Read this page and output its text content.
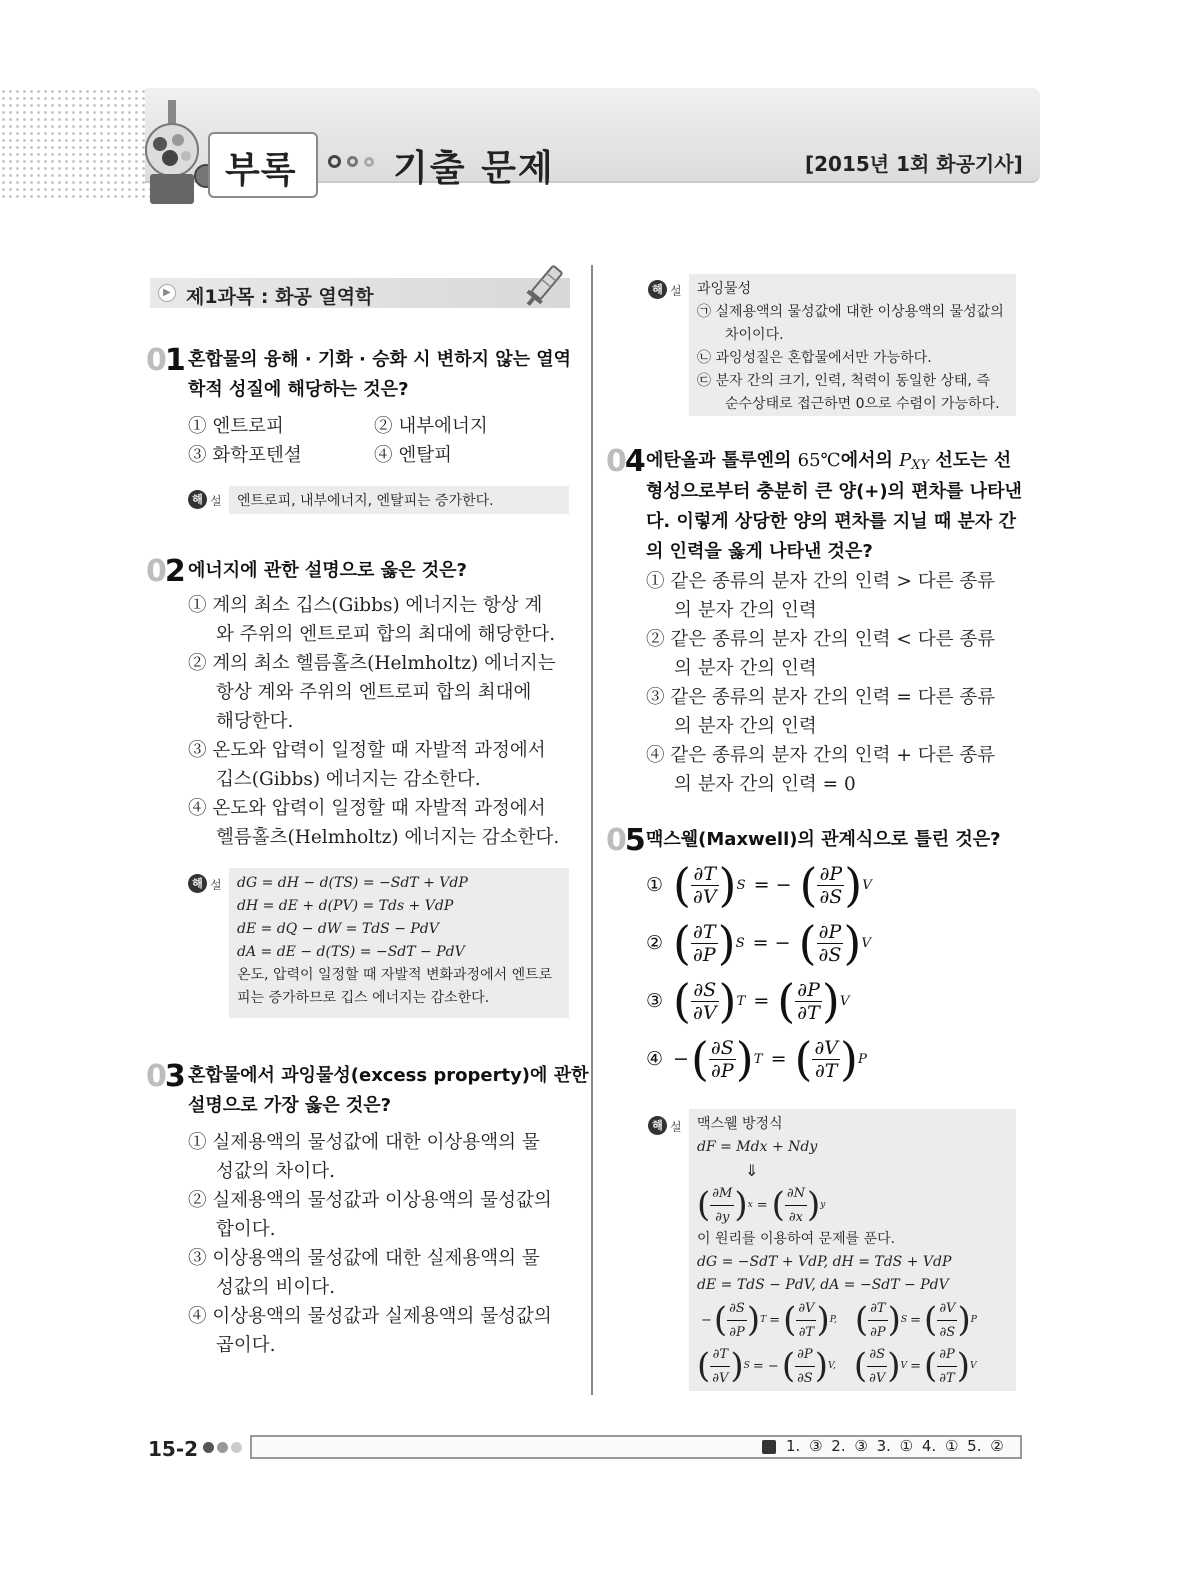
부록	기출 문제	[2015년 1회 화공기사]
▶ 제1과목 : 화공 열역학
01 혼합물의 융해 · 기화 · 승화 시 변하지 않는 열역
학적 성질에 해당하는 것은?
① 엔트로피	② 내부에너지
③ 화학포텐셜	④ 엔탈피
해 설	엔트로피, 내부에너지, 엔탈피는 증가한다.
02 에너지에 관한 설명으로 옳은 것은?
① 계의 최소 깁스(Gibbs) 에너지는 항상 계
와 주위의 엔트로피 합의 최대에 해당한다.
② 계의 최소 헬름홀츠(Helmholtz) 에너지는
항상 계와 주위의 엔트로피 합의 최대에
해당한다.
③ 온도와 압력이 일정할 때 자발적 과정에서
깁스(Gibbs) 에너지는 감소한다.
④ 온도와 압력이 일정할 때 자발적 과정에서
헬름홀츠(Helmholtz) 에너지는 감소한다.
해 설 dG = dH − d(TS) = −SdT + VdP
dH = dE + d(PV) = Tds + VdP
dE = dQ − dW = TdS − PdV
dA = dE − d(TS) = −SdT − PdV
온도, 압력이 일정할 때 자발적 변화과정에서 엔트로
피는 증가하므로 깁스 에너지는 감소한다.
03 혼합물에서 과잉물성(excess property)에 관한
설명으로 가장 옳은 것은?
① 실제용액의 물성값에 대한 이상용액의 물
성값의 차이다.
② 실제용액의 물성값과 이상용액의 물성값의
합이다.
③ 이상용액의 물성값에 대한 실제용액의 물
성값의 비이다.
④ 이상용액의 물성값과 실제용액의 물성값의
곱이다.
해 설 과잉물성
㉠ 실제용액의 물성값에 대한 이상용액의 물성값의
차이이다.
㉡ 과잉성질은 혼합물에서만 가능하다.
㉢ 분자 간의 크기, 인력, 척력이 동일한 상태, 즉
순수상태로 접근하면 0으로 수렴이 가능하다.
04 에탄올과 톨루엔의 65℃에서의 PXY 선도는 선
형성으로부터 충분히 큰 양(+)의 편차를 나타낸
다. 이렇게 상당한 양의 편차를 지닐 때 분자 간
의 인력을 옳게 나타낸 것은?
① 같은 종류의 분자 간의 인력 > 다른 종류
의 분자 간의 인력
② 같은 종류의 분자 간의 인력 < 다른 종류
의 분자 간의 인력
③ 같은 종류의 분자 간의 인력 = 다른 종류
의 분자 간의 인력
④ 같은 종류의 분자 간의 인력 + 다른 종류
의 분자 간의 인력 = 0
05 맥스웰(Maxwell)의 관계식으로 틀린 것은?
① ( $\frac{\partial T}{\partial V}$ ) S = − ( $\frac{\partial P}{\partial S}$ ) V
② ( $\frac{\partial T}{\partial P}$ ) S = − ( $\frac{\partial P}{\partial S}$ ) V
③ ( $\frac{\partial S}{\partial V}$ ) T = ( $\frac{\partial P}{\partial T}$ ) V
④ − ( $\frac{\partial S}{\partial P}$ ) T = ( $\frac{\partial V}{\partial T}$ ) P
해 설 맥스웰 방정식
dF = Mdx + Ndy
⇓
( $\frac{\partial M}{\partial y}$ ) x = ( $\frac{\partial N}{\partial x}$ ) y
이 원리를 이용하여 문제를 푼다.
dG = −SdT + VdP, dH = TdS + VdP
dE = TdS − PdV, dA = −SdT − PdV
− ( $\frac{\partial S}{\partial P}$ ) T = ( $\frac{\partial V}{\partial T}$ ) P, ( $\frac{\partial T}{\partial P}$ ) S = ( $\frac{\partial V}{\partial S}$ ) P
( $\frac{\partial T}{\partial V}$ ) S = − ( $\frac{\partial P}{\partial S}$ ) V, ( $\frac{\partial S}{\partial V}$ ) V = ( $\frac{\partial P}{\partial T}$ ) V
15-2	1. ③ 2. ③ 3. ① 4. ① 5. ②
